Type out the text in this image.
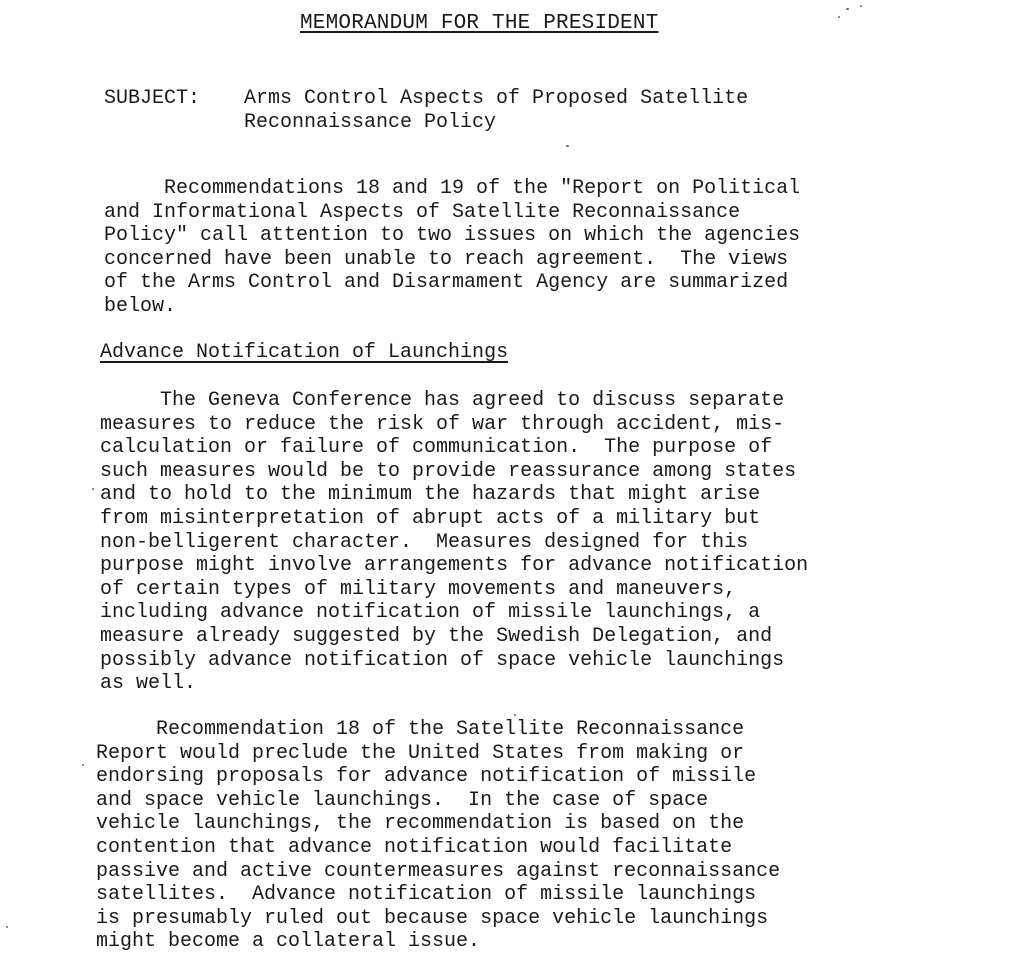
MEMORANDUM FOR THE PRESIDENT
SUBJECT: Arms Control Aspects of Proposed Satellite
Reconnaissance Policy
Recommendations 18 and 19 of the "Report on Political
and Informational Aspects of Satellite Reconnaissance
Policy" call attention to two issues on which the agencies
concerned have been unable to reach agreement.  The views
of the Arms Control and Disarmament Agency are summarized
below.
Advance Notification of Launchings
The Geneva Conference has agreed to discuss separate
measures to reduce the risk of war through accident, mis-
calculation or failure of communication.  The purpose of
such measures would be to provide reassurance among states
and to hold to the minimum the hazards that might arise
from misinterpretation of abrupt acts of a military but
non-belligerent character.  Measures designed for this
purpose might involve arrangements for advance notification
of certain types of military movements and maneuvers,
including advance notification of missile launchings, a
measure already suggested by the Swedish Delegation, and
possibly advance notification of space vehicle launchings
as well.
Recommendation 18 of the Satellite Reconnaissance
Report would preclude the United States from making or
endorsing proposals for advance notification of missile
and space vehicle launchings.  In the case of space
vehicle launchings, the recommendation is based on the
contention that advance notification would facilitate
passive and active countermeasures against reconnaissance
satellites.  Advance notification of missile launchings
is presumably ruled out because space vehicle launchings
might become a collateral issue.
